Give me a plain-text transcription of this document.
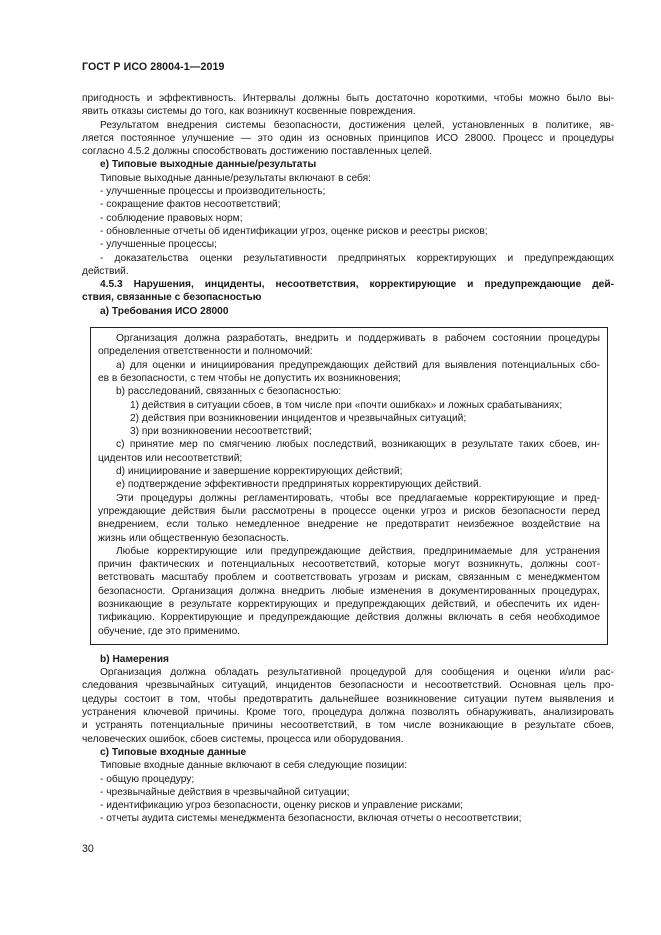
ГОСТ Р ИСО 28004-1—2019

пригодность и эффективность. Интервалы должны быть достаточно короткими, чтобы можно было вы-

явить отказы системы до того, как возникнут косвенные повреждения.

Результатом внедрения системы безопасности, достижения целей, установленных в политике, яв-

ляется постоянное улучшение — это один из основных принципов ИСО 28000. Процесс и процедуры

согласно 4.5.2 должны способствовать достижению поставленных целей.

e) Типовые выходные данные/результаты

Типовые выходные данные/результаты включают в себя:

- улучшенные процессы и производительность;

- сокращение фактов несоответствий;

- соблюдение правовых норм;

- обновленные отчеты об идентификации угроз, оценке рисков и реестры рисков;

- улучшенные процессы;

- доказательства оценки результативности предпринятых корректирующих и предупреждающих

действий.

4.5.3 Нарушения, инциденты, несоответствия, корректирующие и предупреждающие дей-

ствия, связанные с безопасностью

a) Требования ИСО 28000

Организация должна разработать, внедрить и поддерживать в рабочем состоянии процедуры

определения ответственности и полномочий:

a) для оценки и инициирования предупреждающих действий для выявления потенциальных сбо-

ев в безопасности, с тем чтобы не допустить их возникновения;

b) расследований, связанных с безопасностью:

1) действия в ситуации сбоев, в том числе при «почти ошибках» и ложных срабатываниях;

2) действия при возникновении инцидентов и чрезвычайных ситуаций;

3) при возникновении несоответствий;

c) принятие мер по смягчению любых последствий, возникающих в результате таких сбоев, ин-

цидентов или несоответствий;

d) инициирование и завершение корректирующих действий;

e) подтверждение эффективности предпринятых корректирующих действий.

Эти процедуры должны регламентировать, чтобы все предлагаемые корректирующие и пред-

упреждающие действия были рассмотрены в процессе оценки угроз и рисков безопасности перед

внедрением, если только немедленное внедрение не предотвратит неизбежное воздействие на

жизнь или общественную безопасность.

Любые корректирующие или предупреждающие действия, предпринимаемые для устранения

причин фактических и потенциальных несоответствий, которые могут возникнуть, должны соот-

ветствовать масштабу проблем и соответствовать угрозам и рискам, связанным с менеджментом

безопасности. Организация должна внедрить любые изменения в документированных процедурах,

возникающие в результате корректирующих и предупреждающих действий, и обеспечить их иден-

тификацию. Корректирующие и предупреждающие действия должны включать в себя необходимое

обучение, где это применимо.

b) Намерения

Организация должна обладать результативной процедурой для сообщения и оценки и/или рас-

следования чрезвычайных ситуаций, инцидентов безопасности и несоответствий. Основная цель про-

цедуры состоит в том, чтобы предотвратить дальнейшее возникновение ситуации путем выявления и

устранения ключевой причины. Кроме того, процедура должна позволять обнаруживать, анализировать

и устранять потенциальные причины несоответствий, в том числе возникающие в результате сбоев,

человеческих ошибок, сбоев системы, процесса или оборудования.

c) Типовые входные данные

Типовые входные данные включают в себя следующие позиции:

- общую процедуру;

- чрезвычайные действия в чрезвычайной ситуации;

- идентификацию угроз безопасности, оценку рисков и управление рисками;

- отчеты аудита системы менеджмента безопасности, включая отчеты о несоответствии;

30
